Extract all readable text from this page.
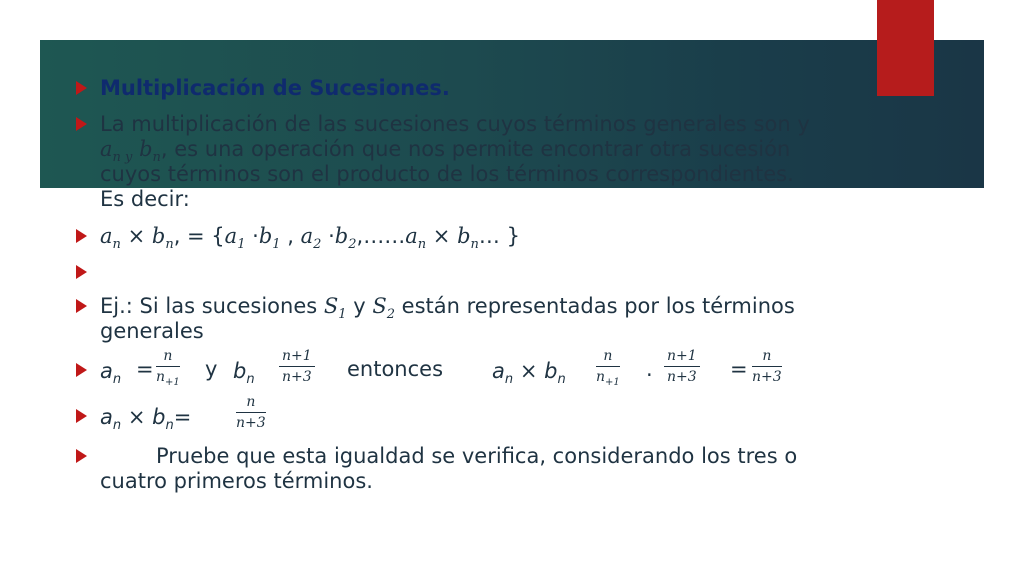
Multiplicación de Sucesiones.
La multiplicación de las sucesiones cuyos términos generales son y
$a_{n y}$ $b_n$, es una operación que nos permite encontrar otra sucesión
cuyos términos son el producto de los términos correspondientes.
Es decir:
$a_n \times b_n$, = {$a_1 \cdot b_1$ , $a_2$ $\cdot b_2,\dots\dots a_n$ × $b_n\dots$ }
Ej.: Si las sucesiones $S_1$ y $S_2$ están representadas por los términos
generales
$a_n = \frac{n}{n_{+1}}$ y $b_n \frac{n+1}{n+3}$ entonces $a_n \times b_n \frac{n}{n_{+1}}$ . $\frac{n+1}{n+3} = \frac{n}{n+3}$
$a_n \times b_n=$	$\frac{n}{n+3}$
Pruebe que esta igualdad se verifica, considerando los tres o
cuatro primeros términos.
